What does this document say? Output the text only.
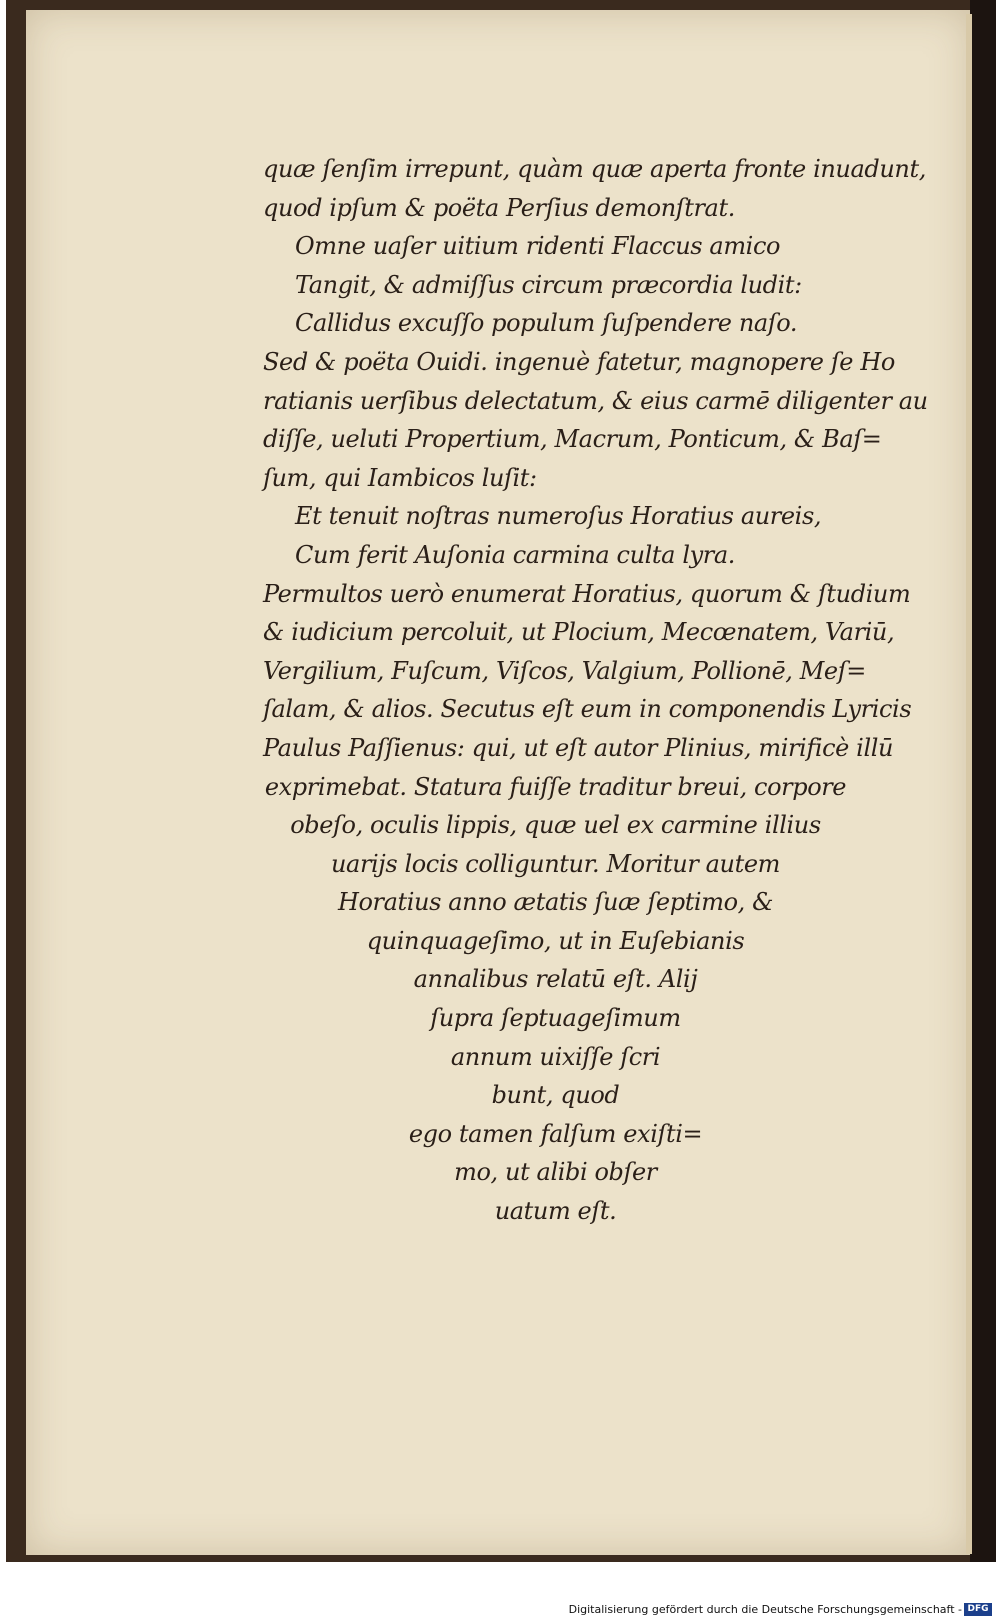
quæ ſenſim irrepunt, quàm quæ aperta fronte inuadunt,
quod ipſum & poëta Perſius demonſtrat.
Omne uaſer uitium ridenti Flaccus amico
Tangit, & admiſſus circum præcordia ludit:
Callidus excuſſo populum ſuſpendere naſo.
Sed & poëta Ouidi. ingenuè fatetur, magnopere ſe Ho
ratianis uerſibus delectatum, & eius carmē diligenter au
diſſe, ueluti Propertium, Macrum, Ponticum, & Baſ=
ſum, qui Iambicos luſit:
Et tenuit noſtras numeroſus Horatius aureis,
Cum ferit Auſonia carmina culta lyra.
Permultos uerò enumerat Horatius, quorum & ſtudium
& iudicium percoluit, ut Plocium, Mecœnatem, Variū,
Vergilium, Fuſcum, Viſcos, Valgium, Pollionē, Meſ=
ſalam, & alios. Secutus eſt eum in componendis Lyricis
Paulus Paſſienus: qui, ut eſt autor Plinius, mirificè illū
exprimebat. Statura fuiſſe traditur breui, corpore
obeſo, oculis lippis, quæ uel ex carmine illius
uarijs locis colliguntur. Moritur autem
Horatius anno ætatis ſuæ ſeptimo, &
quinquageſimo, ut in Euſebianis
annalibus relatū eſt. Alij
ſupra ſeptuageſimum
annum uixiſſe ſcri
bunt, quod
ego tamen falſum exiſti=
mo, ut alibi obſer
uatum eſt.
Digitalisierung gefördert durch die Deutsche Forschungsgemeinschaft - DFG
